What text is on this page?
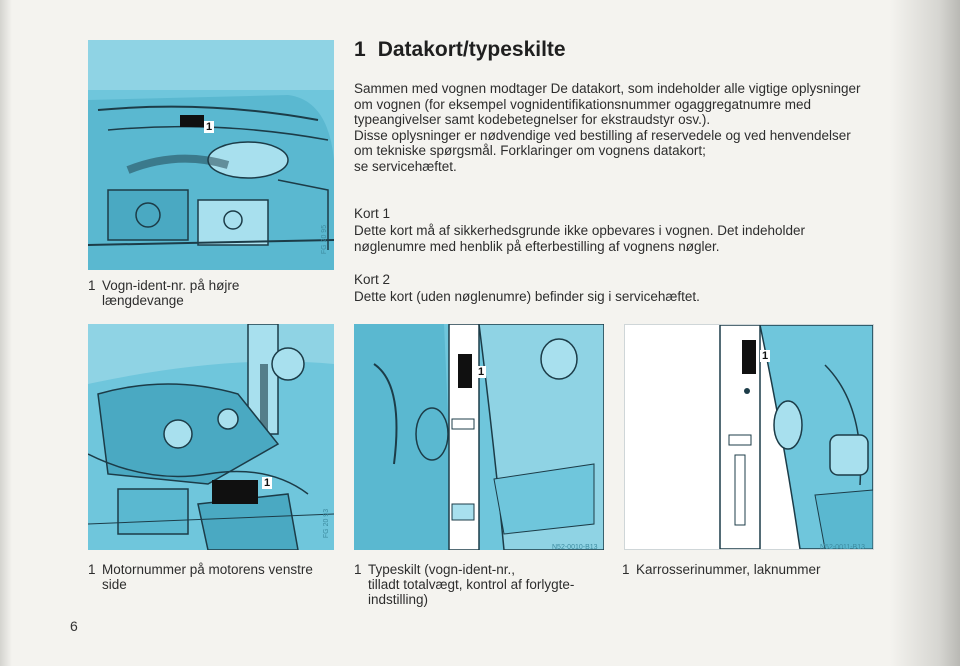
1
FG 20 95
1 Vogn-ident-nr. på højre
længdevange
1
FG 20 93
1 Motornummer på motorens venstre
side
1
N52-0010-B13
1 Typeskilt (vogn-ident-nr.,
tilladt totalvægt, kontrol af forlygte-
indstilling)
1
N52-0011-B13
1 Karrosserinummer, laknummer
1 Datakort/typeskilte
Sammen med vognen modtager De datakort, som indeholder alle vigtige oplysninger
om vognen (for eksempel vognidentifikationsnummer ogaggregatnumre med
typeangivelser samt kodebetegnelser for ekstraudstyr osv.).
Disse oplysninger er nødvendige ved bestilling af reservedele og ved henvendelser
om tekniske spørgsmål. Forklaringer om vognens datakort;
se servicehæftet.
Kort 1
Dette kort må af sikkerhedsgrunde ikke opbevares i vognen. Det indeholder
nøglenumre med henblik på efterbestilling af vognens nøgler.
Kort 2
Dette kort (uden nøglenumre) befinder sig i servicehæftet.
6
